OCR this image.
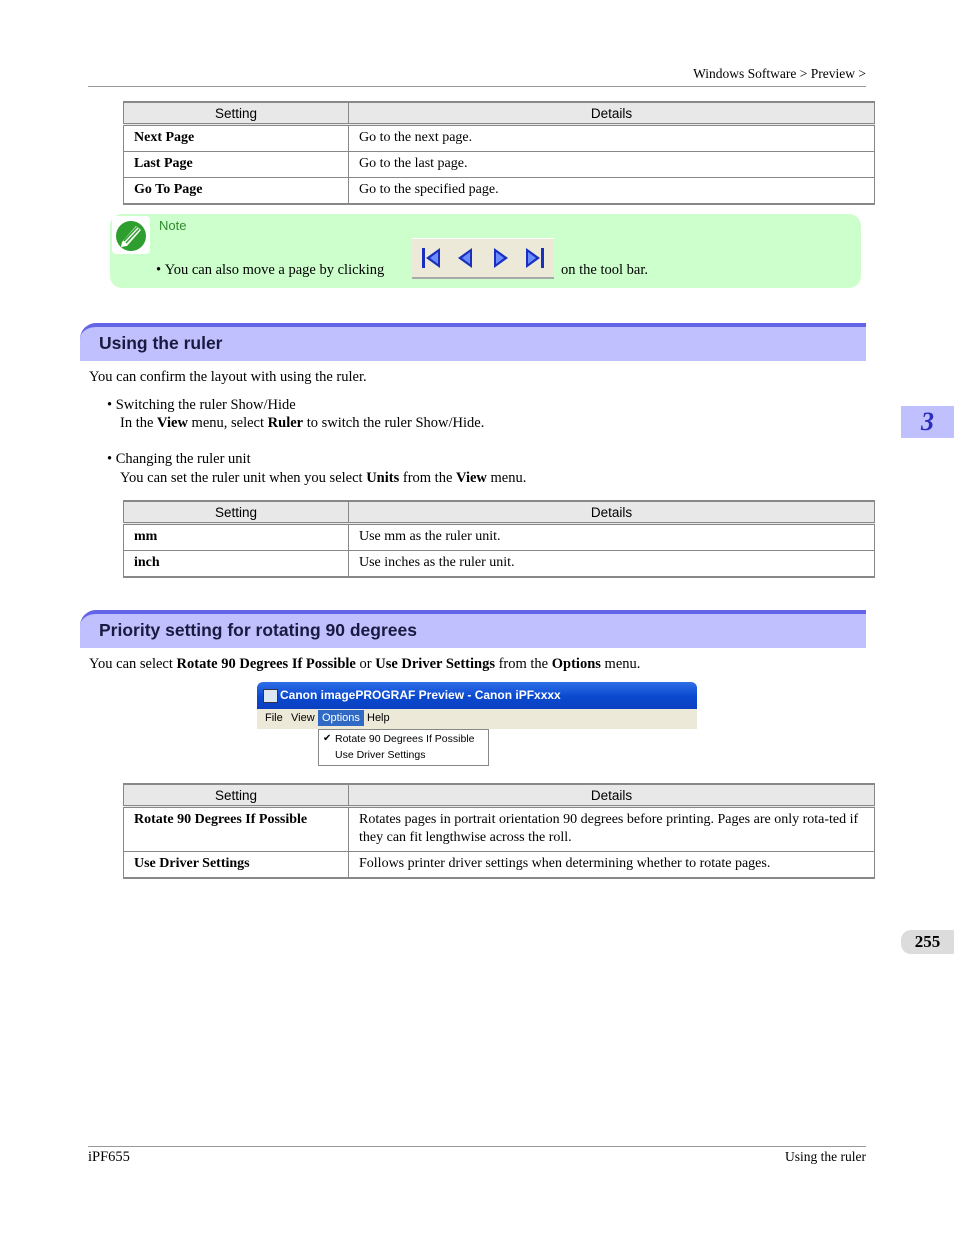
Windows Software > Preview >
Setting	Details
Next Page	Go to the next page.
Last Page	Go to the last page.
Go To Page	Go to the specified page.
Note
• You can also move a page by clicking	on the tool bar.
Using the ruler
You can confirm the layout with using the ruler.
• Switching the ruler Show/Hide
In the View menu, select Ruler to switch the ruler Show/Hide.
• Changing the ruler unit
You can set the ruler unit when you select Units from the View menu.
Setting	Details
mm	Use mm as the ruler unit.
inch	Use inches as the ruler unit.
Priority setting for rotating 90 degrees
You can select Rotate 90 Degrees If Possible or Use Driver Settings from the Options menu.
Canon imagePROGRAF Preview - Canon iPFxxxx
File View Options Help
✔ Rotate 90 Degrees If Possible
Use Driver Settings
Setting	Details
Rotate 90 Degrees If Possible	Rotates pages in portrait orientation 90 degrees before printing. Pages are only rota-ted if they can fit lengthwise across the roll.
Use Driver Settings	Follows printer driver settings when determining whether to rotate pages.
3
255
iPF655	Using the ruler
